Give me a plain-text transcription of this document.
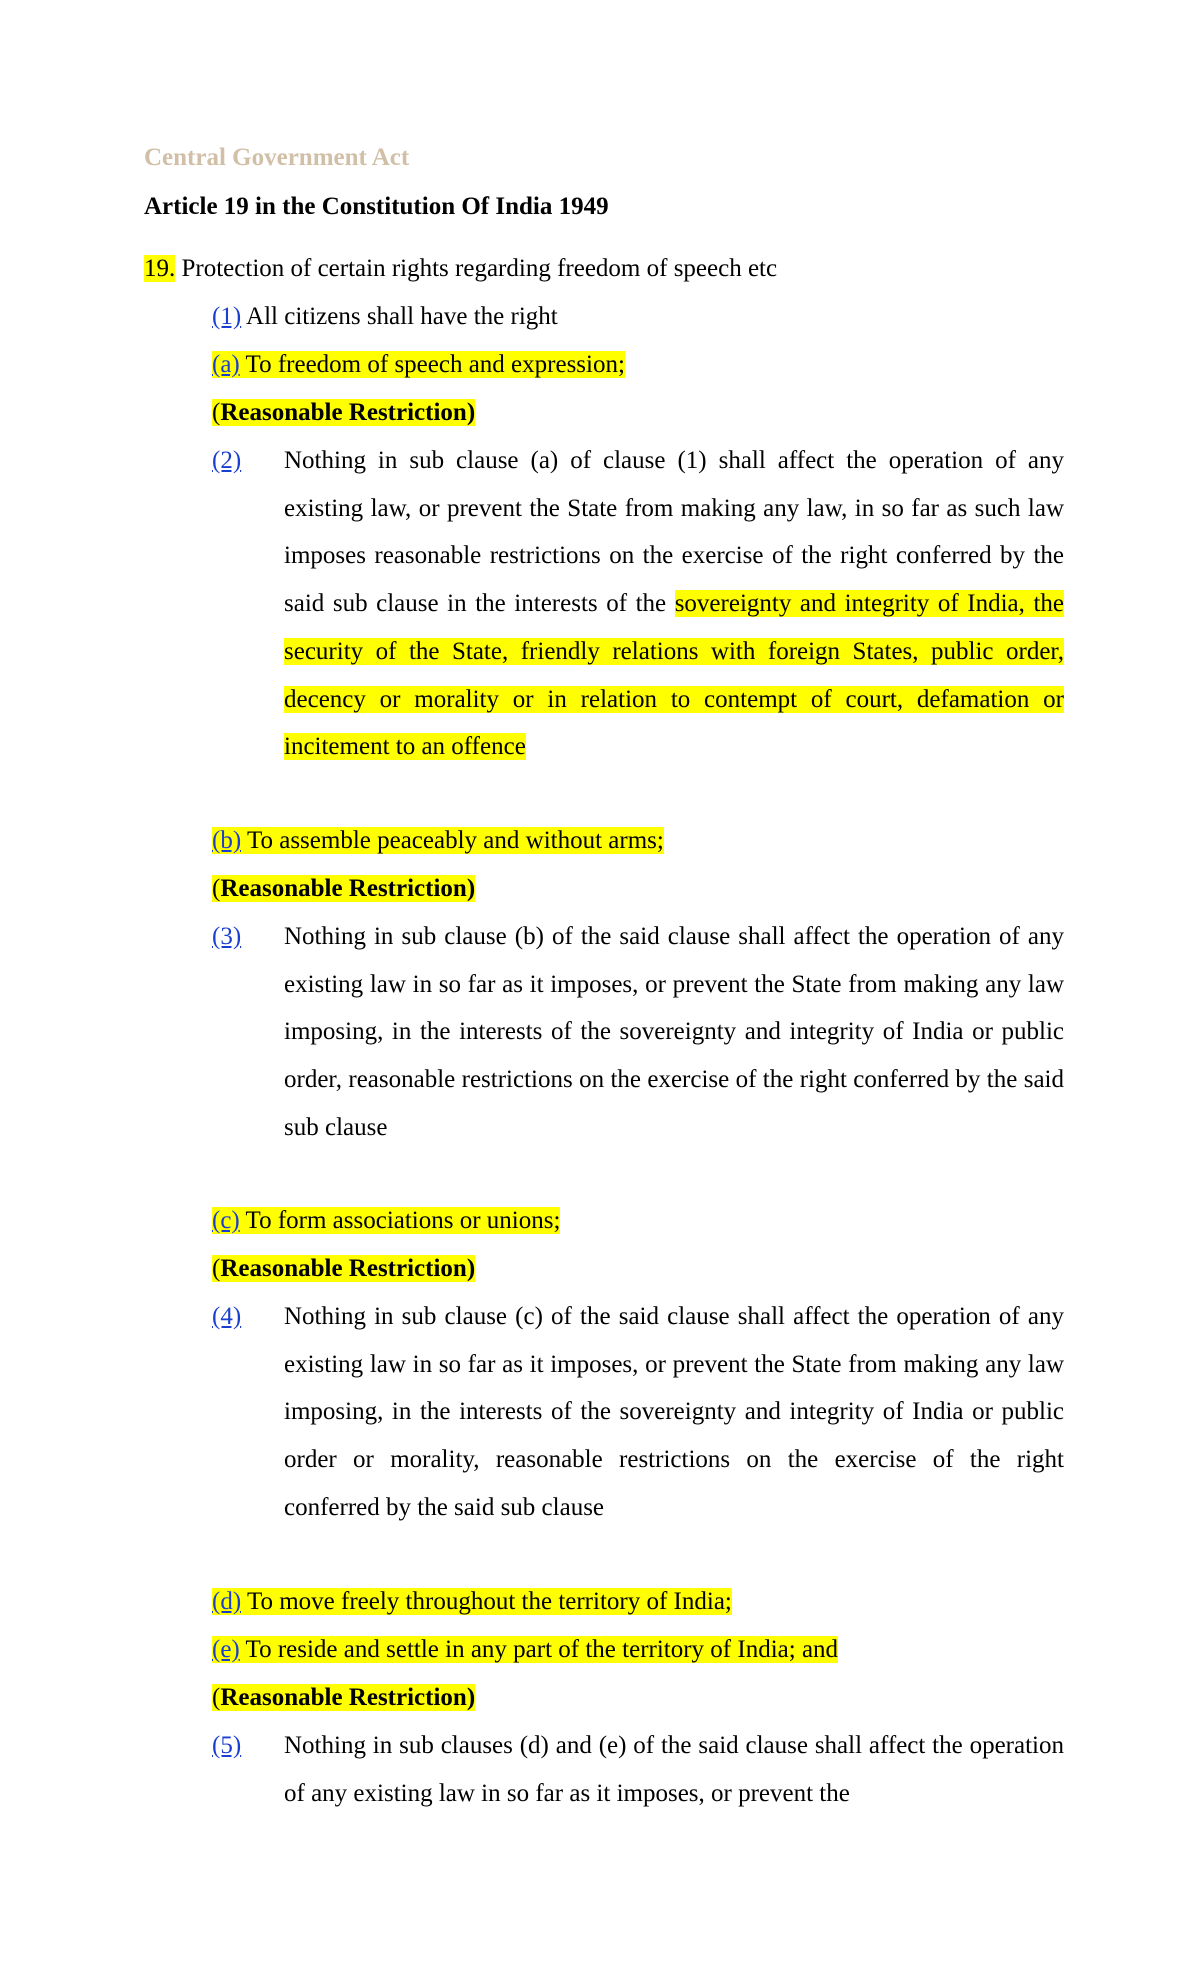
Central Government Act
Article 19 in the Constitution Of India 1949
19. Protection of certain rights regarding freedom of speech etc
(1) All citizens shall have the right
(a) To freedom of speech and expression;
(Reasonable Restriction)
(2) Nothing in sub clause (a) of clause (1) shall affect the operation of any existing law, or prevent the State from making any law, in so far as such law imposes reasonable restrictions on the exercise of the right conferred by the said sub clause in the interests of the sovereignty and integrity of India, the security of the State, friendly relations with foreign States, public order, decency or morality or in relation to contempt of court, defamation or incitement to an offence
(b) To assemble peaceably and without arms;
(Reasonable Restriction)
(3) Nothing in sub clause (b) of the said clause shall affect the operation of any existing law in so far as it imposes, or prevent the State from making any law imposing, in the interests of the sovereignty and integrity of India or public order, reasonable restrictions on the exercise of the right conferred by the said sub clause
(c) To form associations or unions;
(Reasonable Restriction)
(4) Nothing in sub clause (c) of the said clause shall affect the operation of any existing law in so far as it imposes, or prevent the State from making any law imposing, in the interests of the sovereignty and integrity of India or public order or morality, reasonable restrictions on the exercise of the right conferred by the said sub clause
(d) To move freely throughout the territory of India;
(e) To reside and settle in any part of the territory of India; and
(Reasonable Restriction)
(5) Nothing in sub clauses (d) and (e) of the said clause shall affect the operation of any existing law in so far as it imposes, or prevent the
